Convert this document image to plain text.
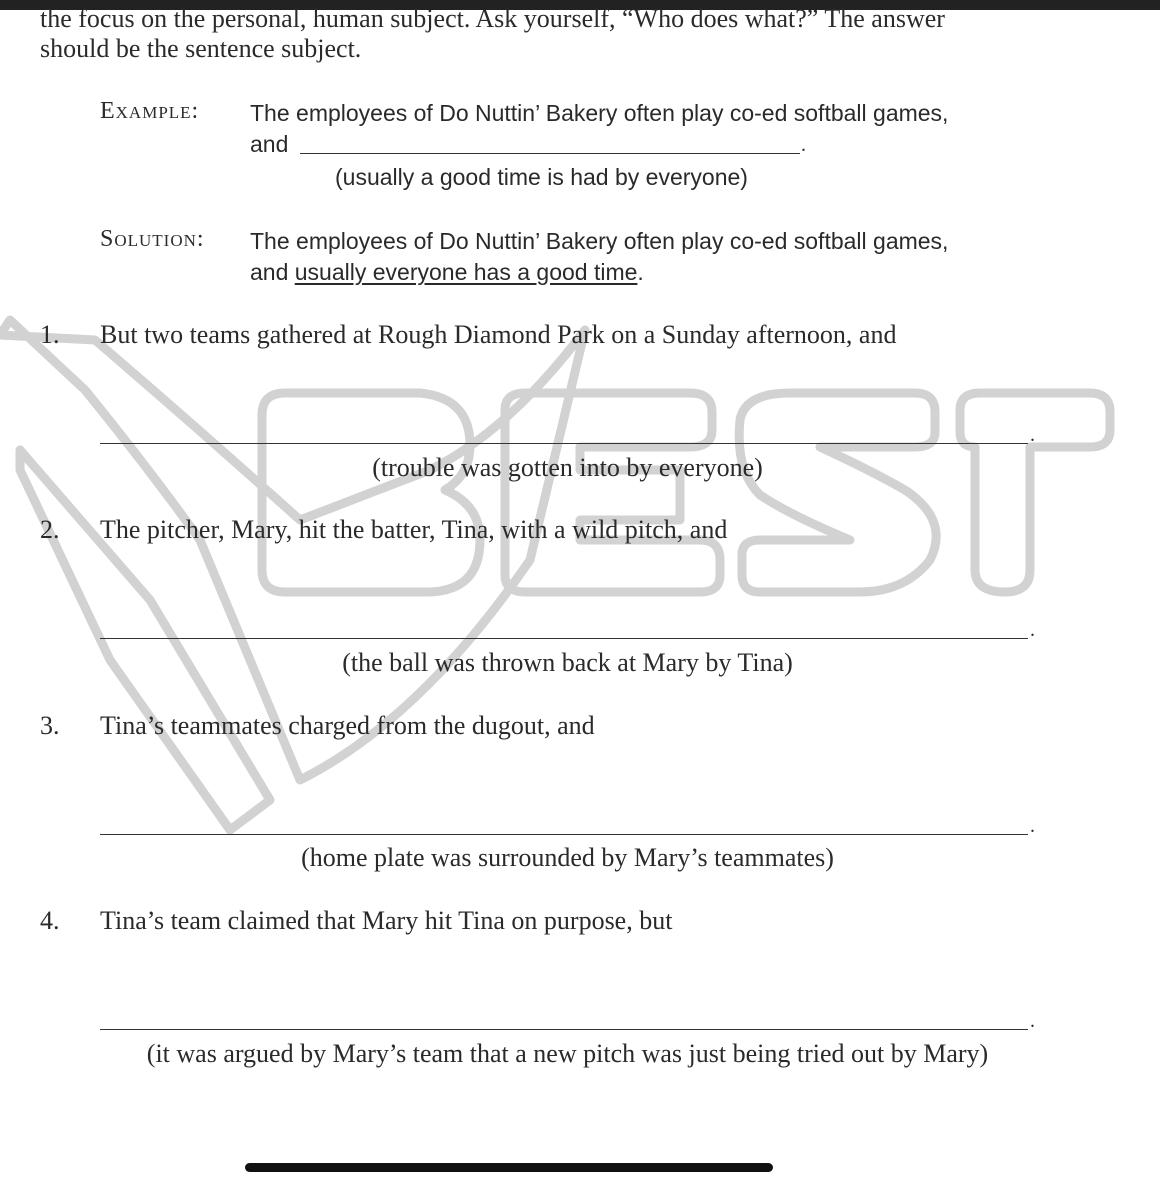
the focus on the personal, human subject. Ask yourself, “Who does what?” The answer
should be the sentence subject.
Example: The employees of Do Nuttin’ Bakery often play co-ed softball games,
and	.
(usually a good time is had by everyone)
Solution: The employees of Do Nuttin’ Bakery often play co-ed softball games,
and usually everyone has a good time.
1. But two teams gathered at Rough Diamond Park on a Sunday afternoon, and
.
(trouble was gotten into by everyone)
2. The pitcher, Mary, hit the batter, Tina, with a wild pitch, and
.
(the ball was thrown back at Mary by Tina)
3. Tina’s teammates charged from the dugout, and
.
(home plate was surrounded by Mary’s teammates)
4. Tina’s team claimed that Mary hit Tina on purpose, but
.
(it was argued by Mary’s team that a new pitch was just being tried out by Mary)
